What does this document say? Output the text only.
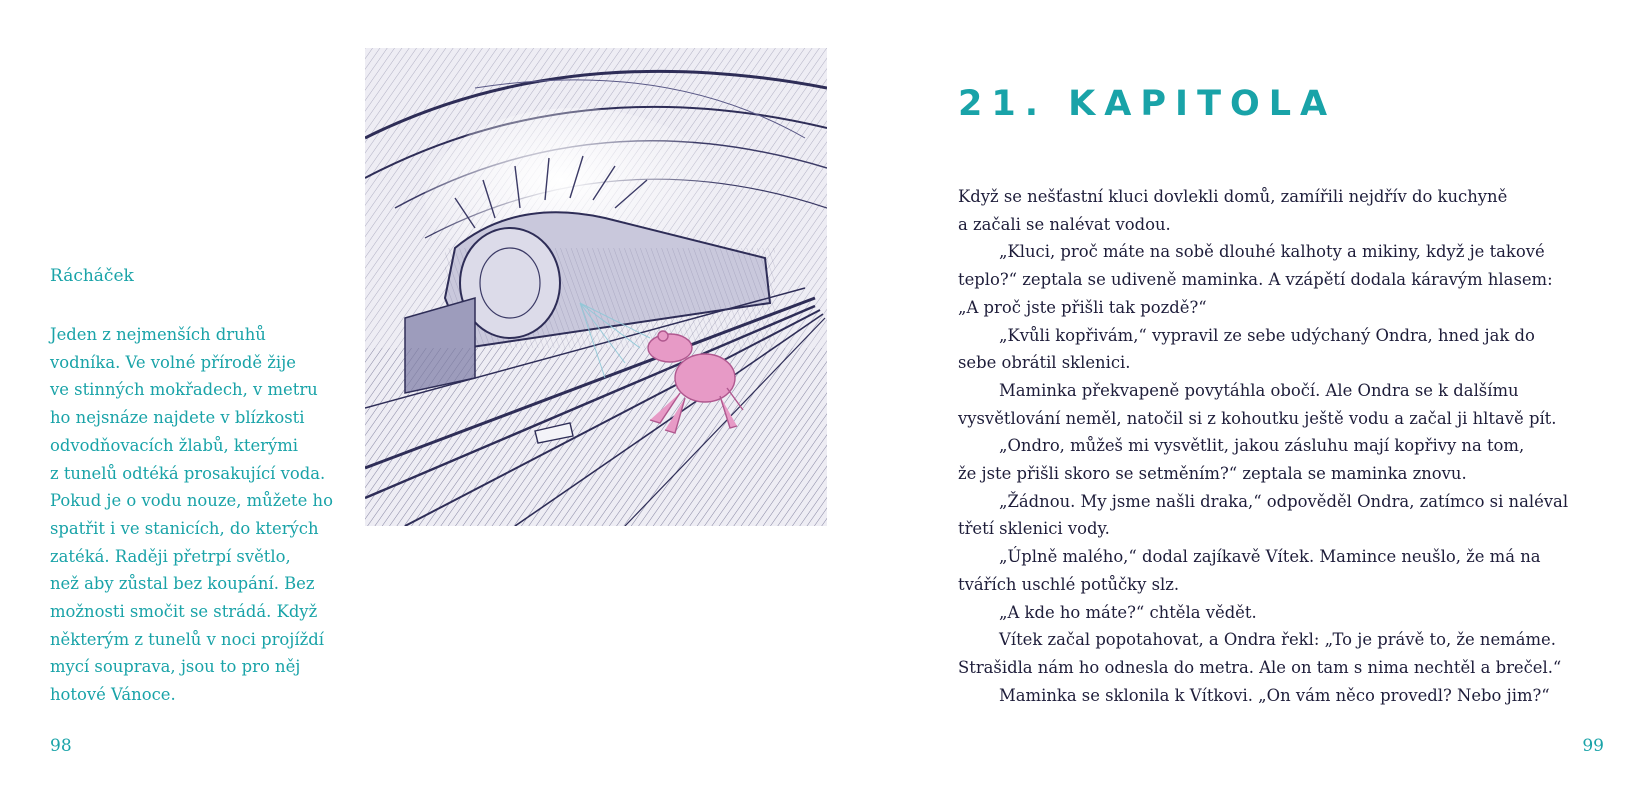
Rácháček
Jeden z nejmenších druhů
vodníka. Ve volné přírodě žije
ve stinných mokřadech, v metru
ho nejsnáze najdete v blízkosti
odvodňovacích žlabů, kterými
z tunelů odtéká prosakující voda.
Pokud je o vodu nouze, můžete ho
spatřit i ve stanicích, do kterých
zatéká. Raději přetrpí světlo,
než aby zůstal bez koupání. Bez
možnosti smočit se strádá. Když
některým z tunelů v noci projíždí
mycí souprava, jsou to pro něj
hotové Vánoce.
98
21. KAPITOLA
Když se nešťastní kluci dovlekli domů, zamířili nejdřív do kuchyně
a začali se nalévat vodou.
„Kluci, proč máte na sobě dlouhé kalhoty a mikiny, když je takové
teplo?“ zeptala se udiveně maminka. A vzápětí dodala káravým hlasem:
„A proč jste přišli tak pozdě?“
„Kvůli kopřivám,“ vypravil ze sebe udýchaný Ondra, hned jak do
sebe obrátil sklenici.
Maminka překvapeně povytáhla obočí. Ale Ondra se k dalšímu
vysvětlování neměl, natočil si z kohoutku ještě vodu a začal ji hltavě pít.
„Ondro, můžeš mi vysvětlit, jakou zásluhu mají kopřivy na tom,
že jste přišli skoro se setměním?“ zeptala se maminka znovu.
„Žádnou. My jsme našli draka,“ odpověděl Ondra, zatímco si naléval
třetí sklenici vody.
„Úplně malého,“ dodal zajíkavě Vítek. Mamince neušlo, že má na
tvářích uschlé potůčky slz.
„A kde ho máte?“ chtěla vědět.
Vítek začal popotahovat, a Ondra řekl: „To je právě to, že nemáme.
Strašidla nám ho odnesla do metra. Ale on tam s nima nechtěl a brečel.“
Maminka se sklonila k Vítkovi. „On vám něco provedl? Nebo jim?“
99
